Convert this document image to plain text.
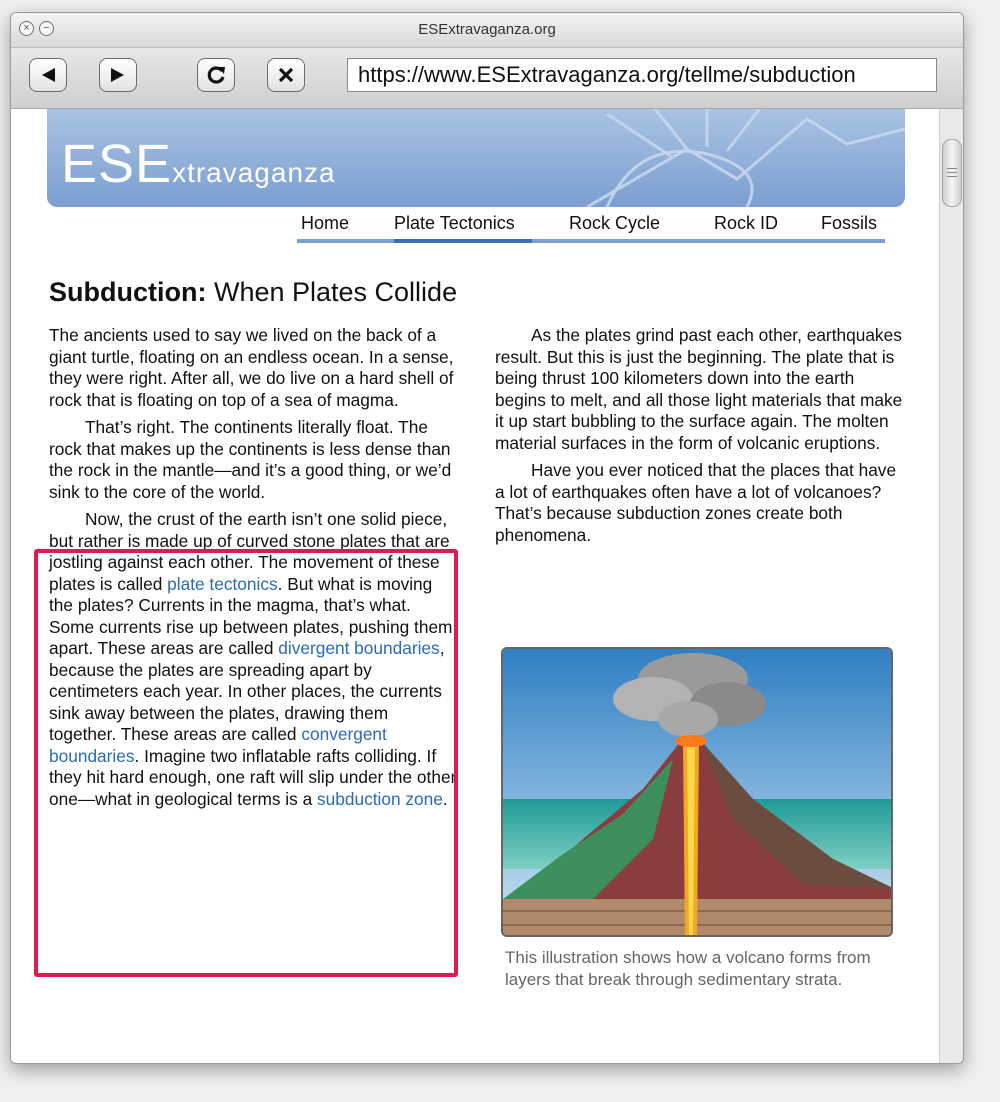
×	−	ESExtravaganza.org
https://www.ESExtravaganza.org/tellme/subduction
ESExtravaganza
Home Plate Tectonics	Rock Cycle	Rock ID Fossils
Subduction: When Plates Collide

The ancients used to say we lived on the back of a giant turtle, floating on an endless ocean. In a sense, they were right. After all, we do live on a hard shell of rock that is floating on top of a sea of magma.

That’s right. The continents literally float. The rock that makes up the continents is less dense than the rock in the mantle—and it’s a good thing, or we’d sink to the core of the world.

Now, the crust of the earth isn’t one solid piece, but rather is made up of curved stone plates that are jostling against each other. The movement of these plates is called plate tectonics. But what is moving the plates? Currents in the magma, that’s what. Some currents rise up between plates, pushing them apart. These areas are called divergent boundaries, because the plates are spreading apart by centimeters each year. In other places, the currents sink away between the plates, drawing them together. These areas are called convergent boundaries. Imagine two inflatable rafts colliding. If they hit hard enough, one raft will slip under the other one—what in geological terms is a subduction zone.

As the plates grind past each other, earthquakes result. But this is just the beginning. The plate that is being thrust 100 kilometers down into the earth begins to melt, and all those light materials that make it up start bubbling to the surface again. The molten material surfaces in the form of volcanic eruptions.

Have you ever noticed that the places that have a lot of earthquakes often have a lot of volcanoes? That’s because subduction zones create both phenomena.

This illustration shows how a volcano forms from layers that break through sedimentary strata.
